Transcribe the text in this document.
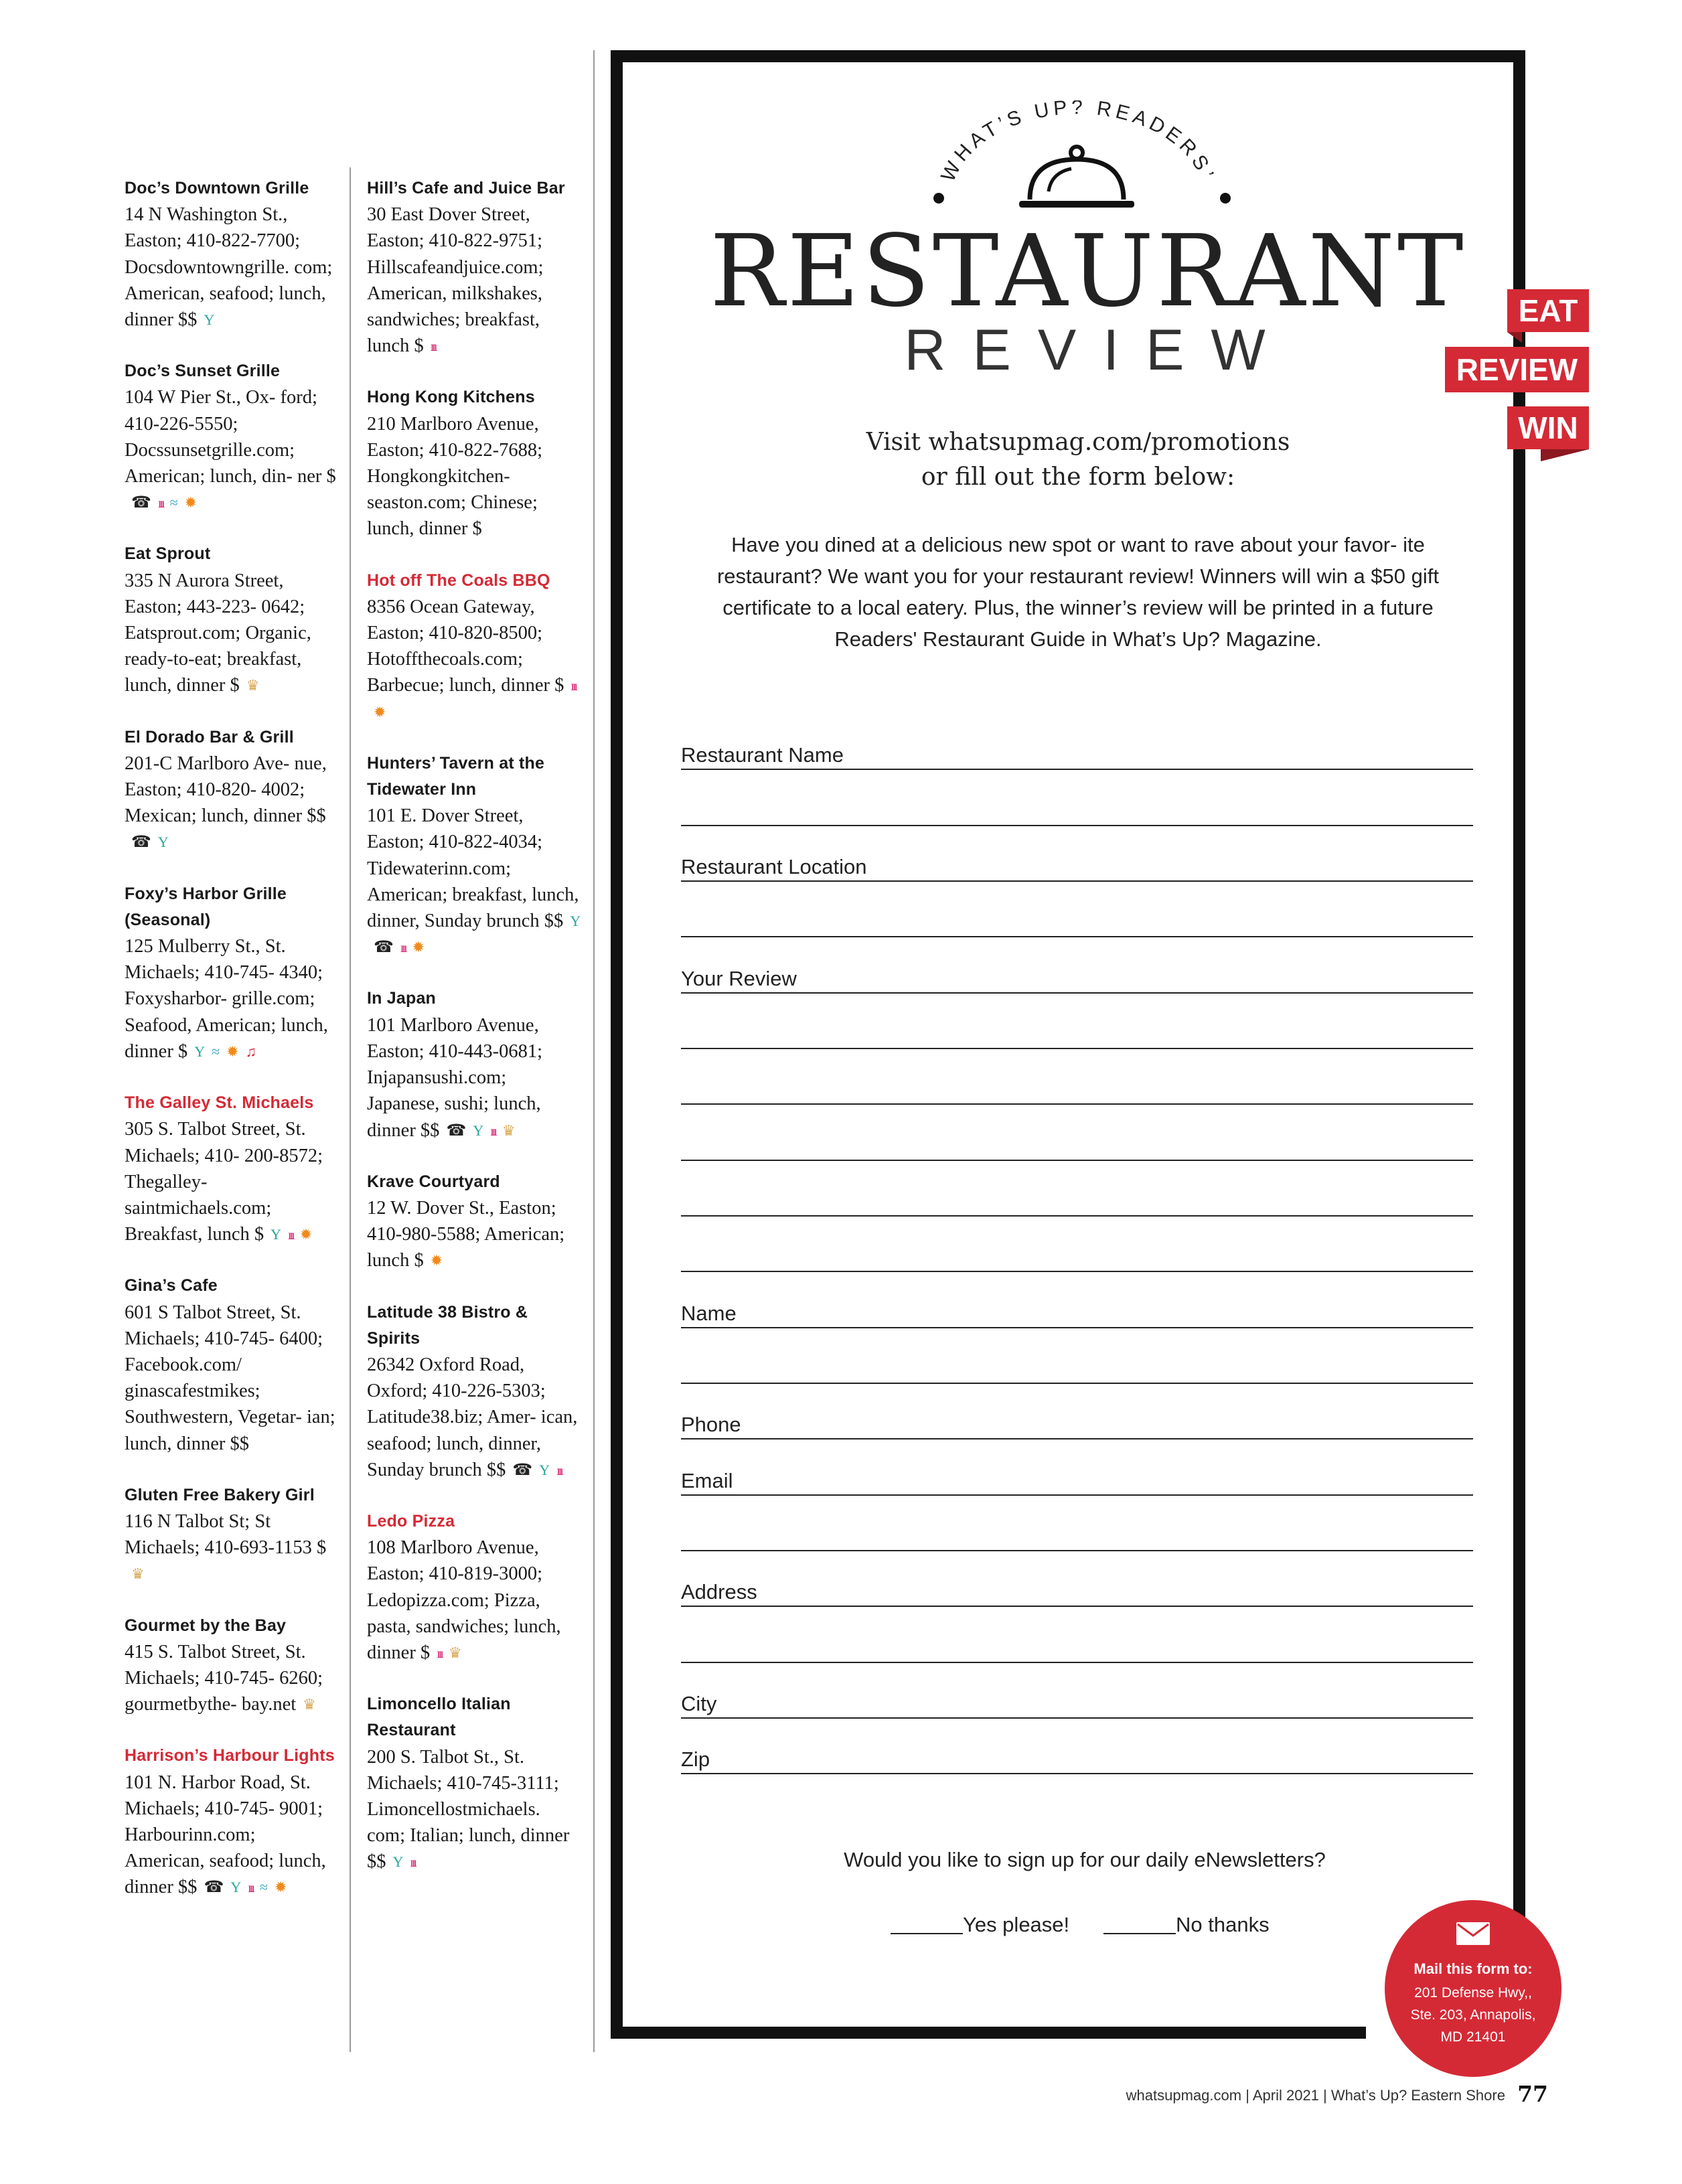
Doc’s Downtown Grille
14 N Washington St., Easton; 410-822-7700; Docsdowntowngrille. com; American, seafood; lunch, dinner $$ Y
Doc’s Sunset Grille
104 W Pier St., Ox- ford; 410-226-5550; Docssunsetgrille.com; American; lunch, din- ner $☎ ııı ≈ ✹
Eat Sprout
335 N Aurora Street, Easton; 443-223- 0642; Eatsprout.com; Organic, ready-to-eat; breakfast, lunch, dinner $ ♛
El Dorado Bar & Grill
201-C Marlboro Ave- nue, Easton; 410-820- 4002; Mexican; lunch, dinner $$☎ Y
Foxy’s Harbor Grille (Seasonal)
125 Mulberry St., St. Michaels; 410-745- 4340; Foxysharbor- grille.com; Seafood, American; lunch, dinner $ Y ≈ ✹ ♫
The Galley St. Michaels
305 S. Talbot Street, St. Michaels; 410- 200-8572; Thegalley- saintmichaels.com; Breakfast, lunch $ Y ııı ✹
Gina’s Cafe
601 S Talbot Street, St. Michaels; 410-745- 6400; Facebook.com/ ginascafestmikes; Southwestern, Vegetar- ian; lunch, dinner $$
Gluten Free Bakery Girl
116 N Talbot St; St Michaels; 410-693-1153 $♛
Gourmet by the Bay
415 S. Talbot Street, St. Michaels; 410-745- 6260; gourmetbythe- bay.net ♛
Harrison’s Harbour Lights
101 N. Harbor Road, St. Michaels; 410-745- 9001; Harbourinn.com; American, seafood; lunch, dinner $$ ☎ Y ııı ≈ ✹
Hill’s Cafe and Juice Bar
30 East Dover Street, Easton; 410-822-9751; Hillscafeandjuice.com; American, milkshakes, sandwiches; breakfast, lunch $ ııı
Hong Kong Kitchens
210 Marlboro Avenue, Easton; 410-822-7688; Hongkongkitchen- seaston.com; Chinese; lunch, dinner $
Hot off The Coals BBQ
8356 Ocean Gateway, Easton; 410-820-8500; Hotoffthecoals.com; Barbecue; lunch, dinner $ ııı✹
Hunters’ Tavern at the Tidewater Inn
101 E. Dover Street, Easton; 410-822-4034; Tidewaterinn.com; American; breakfast, lunch, dinner, Sunday brunch $$ Y☎ ııı ✹
In Japan
101 Marlboro Avenue, Easton; 410-443-0681; Injapansushi.com; Japanese, sushi; lunch, dinner $$ ☎ Y ııı ♛
Krave Courtyard
12 W. Dover St., Easton; 410-980-5588; American; lunch $ ✹
Latitude 38 Bistro & Spirits
26342 Oxford Road, Oxford; 410-226-5303; Latitude38.biz; Amer- ican, seafood; lunch, dinner, Sunday brunch $$ ☎ Y ııı
Ledo Pizza
108 Marlboro Avenue, Easton; 410-819-3000; Ledopizza.com; Pizza, pasta, sandwiches; lunch, dinner $ ııı ♛
Limoncello Italian Restaurant
200 S. Talbot St., St. Michaels; 410-745-3111; Limoncellostmichaels. com; Italian; lunch, dinner $$ Y ııı
WHAT’S UP? READERS’
RESTAURANT
REVIEW
Visit whatsupmag.com/promotions
or fill out the form below:
Have you dined at a delicious new spot or want to rave about your favor- ite restaurant? We want you for your restaurant review! Winners will win a $50 gift certificate to a local eatery. Plus, the winner’s review will be printed in a future Readers' Restaurant Guide in What’s Up? Magazine.
Restaurant Name
Restaurant Location
Your Review
Name
Phone
Email
Address
City
Zip
Would you like to sign up for our daily eNewsletters?
Yes please!	No thanks
EAT
REVIEW
WIN
Mail this form to:
201 Defense Hwy,,
Ste. 203, Annapolis,
MD 21401
whatsupmag.com | April 2021 | What’s Up? Eastern Shore 77
